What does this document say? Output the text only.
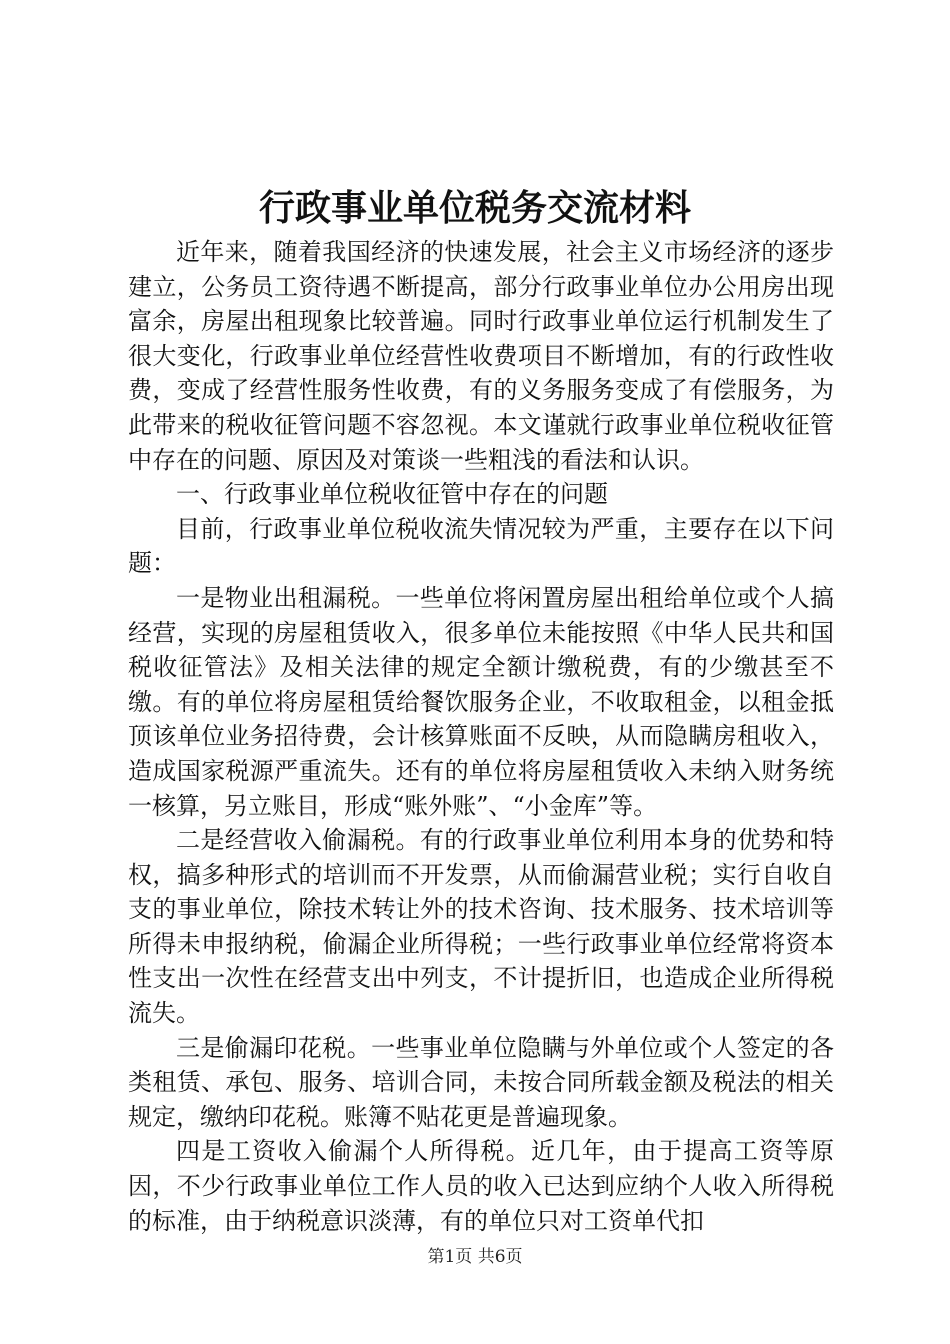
行政事业单位税务交流材料

近年来，随着我国经济的快速发展，社会主义市场经济的逐步建立，公务员工资待遇不断提高，部分行政事业单位办公用房出现富余，房屋出租现象比较普遍。同时行政事业单位运行机制发生了很大变化，行政事业单位经营性收费项目不断增加，有的行政性收费，变成了经营性服务性收费，有的义务服务变成了有偿服务，为此带来的税收征管问题不容忽视。本文谨就行政事业单位税收征管中存在的问题、原因及对策谈一些粗浅的看法和认识。

一、行政事业单位税收征管中存在的问题

目前，行政事业单位税收流失情况较为严重，主要存在以下问题：

一是物业出租漏税。一些单位将闲置房屋出租给单位或个人搞经营，实现的房屋租赁收入，很多单位未能按照《中华人民共和国税收征管法》及相关法律的规定全额计缴税费，有的少缴甚至不缴。有的单位将房屋租赁给餐饮服务企业，不收取租金，以租金抵顶该单位业务招待费，会计核算账面不反映，从而隐瞒房租收入，造成国家税源严重流失。还有的单位将房屋租赁收入未纳入财务统一核算，另立账目，形成“账外账”、“小金库”等。

二是经营收入偷漏税。有的行政事业单位利用本身的优势和特权，搞多种形式的培训而不开发票，从而偷漏营业税；实行自收自支的事业单位，除技术转让外的技术咨询、技术服务、技术培训等所得未申报纳税，偷漏企业所得税；一些行政事业单位经常将资本性支出一次性在经营支出中列支，不计提折旧，也造成企业所得税流失。

三是偷漏印花税。一些事业单位隐瞒与外单位或个人签定的各类租赁、承包、服务、培训合同，未按合同所载金额及税法的相关规定，缴纳印花税。账簿不贴花更是普遍现象。

四是工资收入偷漏个人所得税。近几年，由于提高工资等原因，不少行政事业单位工作人员的收入已达到应纳个人收入所得税的标准，由于纳税意识淡薄，有的单位只对工资单代扣

第1页 共6页
